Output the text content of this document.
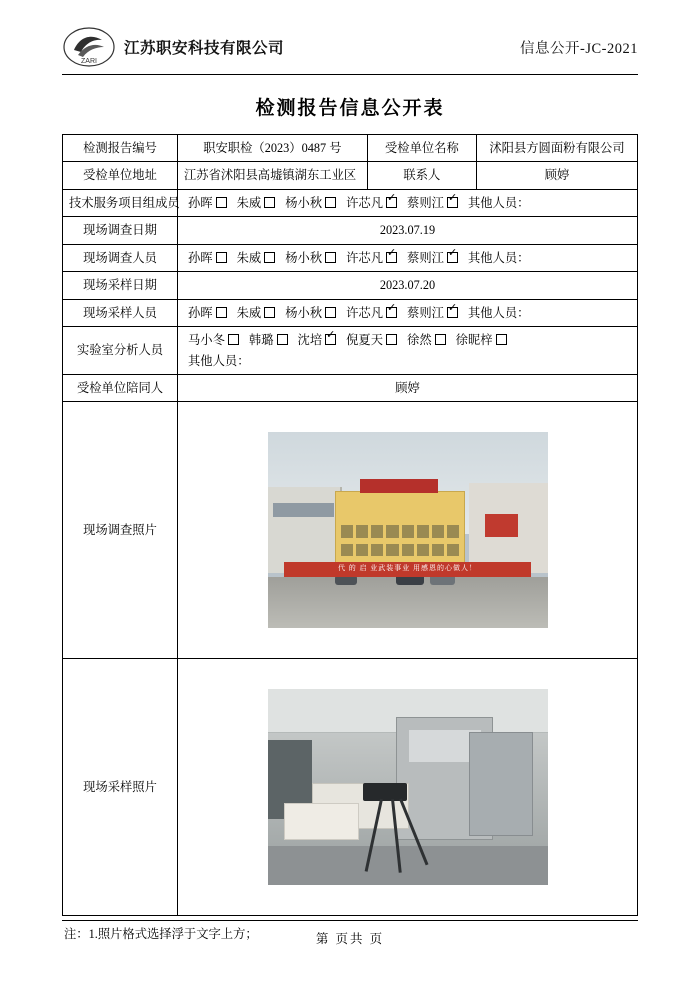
ZARI
江苏职安科技有限公司	信息公开-JC-2021
检测报告信息公开表
检测报告编号	职安职检（2023）0487 号	受检单位名称	沭阳县方圆面粉有限公司
受检单位地址	江苏省沭阳县高墟镇湖东工业区	联系人	顾婷
技术服务项目组成员	孙晖	朱威	杨小秋	许芯凡 ✓	蔡则江 ✓	其他人员：

现场调查日期	2023.07.19		
现场调查人员	孙晖	朱威	杨小秋	许芯凡 ✓	蔡则江 ✓	其他人员：

现场采样日期	2023.07.20		
现场采样人员	孙晖	朱威	杨小秋	许芯凡 ✓	蔡则江 ✓	其他人员：

实验室分析人员	
马小冬	韩璐	沈培 ✓	倪夏天	徐然	徐昵梓
其他人员：

受检单位陪同人	顾婷		
现场调查照片	代 的 启 业武装事业 用感恩的心做人！		

现场采样照片			
注：1.照片格式选择浮于文字上方；	第 页共 页
